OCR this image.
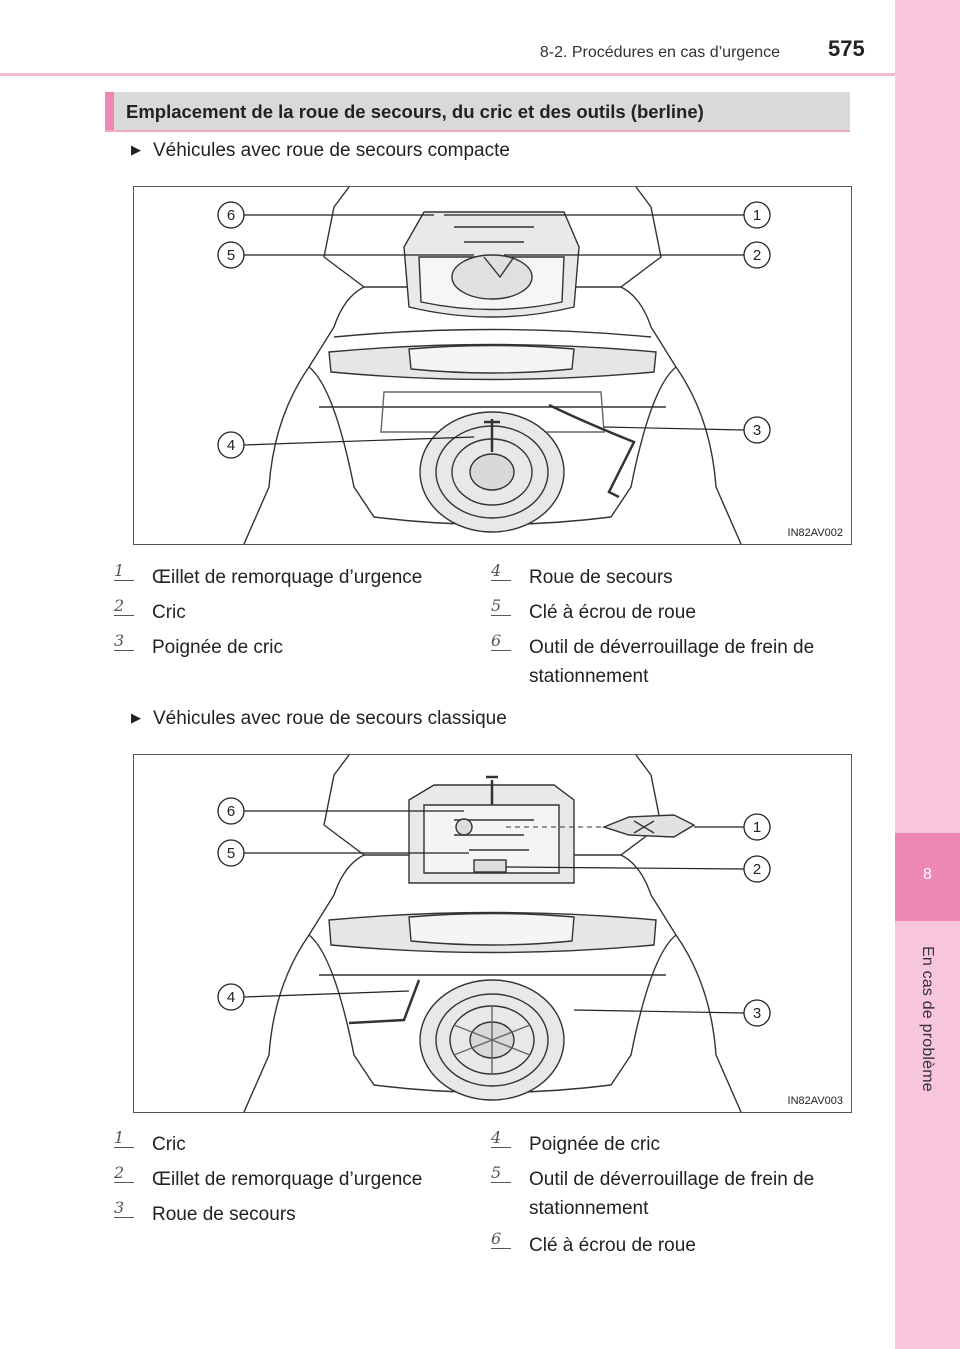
8-2. Procédures en cas d’urgence 575
8
En cas de problème
Emplacement de la roue de secours, du cric et des outils (berline)
▶ Véhicules avec roue de secours compacte
6	1
5	2
4
3
IN82AV002
1	Œillet de remorquage d’urgence
2	Cric
3	Poignée de cric
4	Roue de secours
5	Clé à écrou de roue
6	Outil de déverrouillage de frein de stationnement
▶ Véhicules avec roue de secours classique
6
1
5
2
4
3
IN82AV003
1	Cric
2	Œillet de remorquage d’urgence
3	Roue de secours
4	Poignée de cric
5	Outil de déverrouillage de frein de stationnement
6	Clé à écrou de roue
